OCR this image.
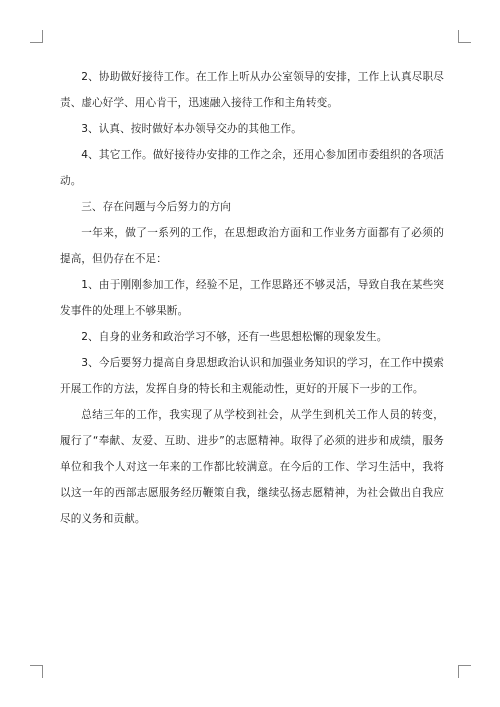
2、协助做好接待工作。在工作上听从办公室领导的安排，工作上认真尽职尽责、虚心好学、用心肯干，迅速融入接待工作和主角转变。

3、认真、按时做好本办领导交办的其他工作。

4、其它工作。做好接待办安排的工作之余，还用心参加团市委组织的各项活动。

三、存在问题与今后努力的方向

一年来，做了一系列的工作，在思想政治方面和工作业务方面都有了必须的提高，但仍存在不足：

1、由于刚刚参加工作，经验不足，工作思路还不够灵活，导致自我在某些突发事件的处理上不够果断。

2、自身的业务和政治学习不够，还有一些思想松懈的现象发生。

3、今后要努力提高自身思想政治认识和加强业务知识的学习，在工作中摸索开展工作的方法，发挥自身的特长和主观能动性，更好的开展下一步的工作。

总结三年的工作，我实现了从学校到社会，从学生到机关工作人员的转变，履行了“奉献、友爱、互助、进步”的志愿精神。取得了必须的进步和成绩，服务单位和我个人对这一年来的工作都比较满意。在今后的工作、学习生活中，我将以这一年的西部志愿服务经历鞭策自我，继续弘扬志愿精神，为社会做出自我应尽的义务和贡献。
